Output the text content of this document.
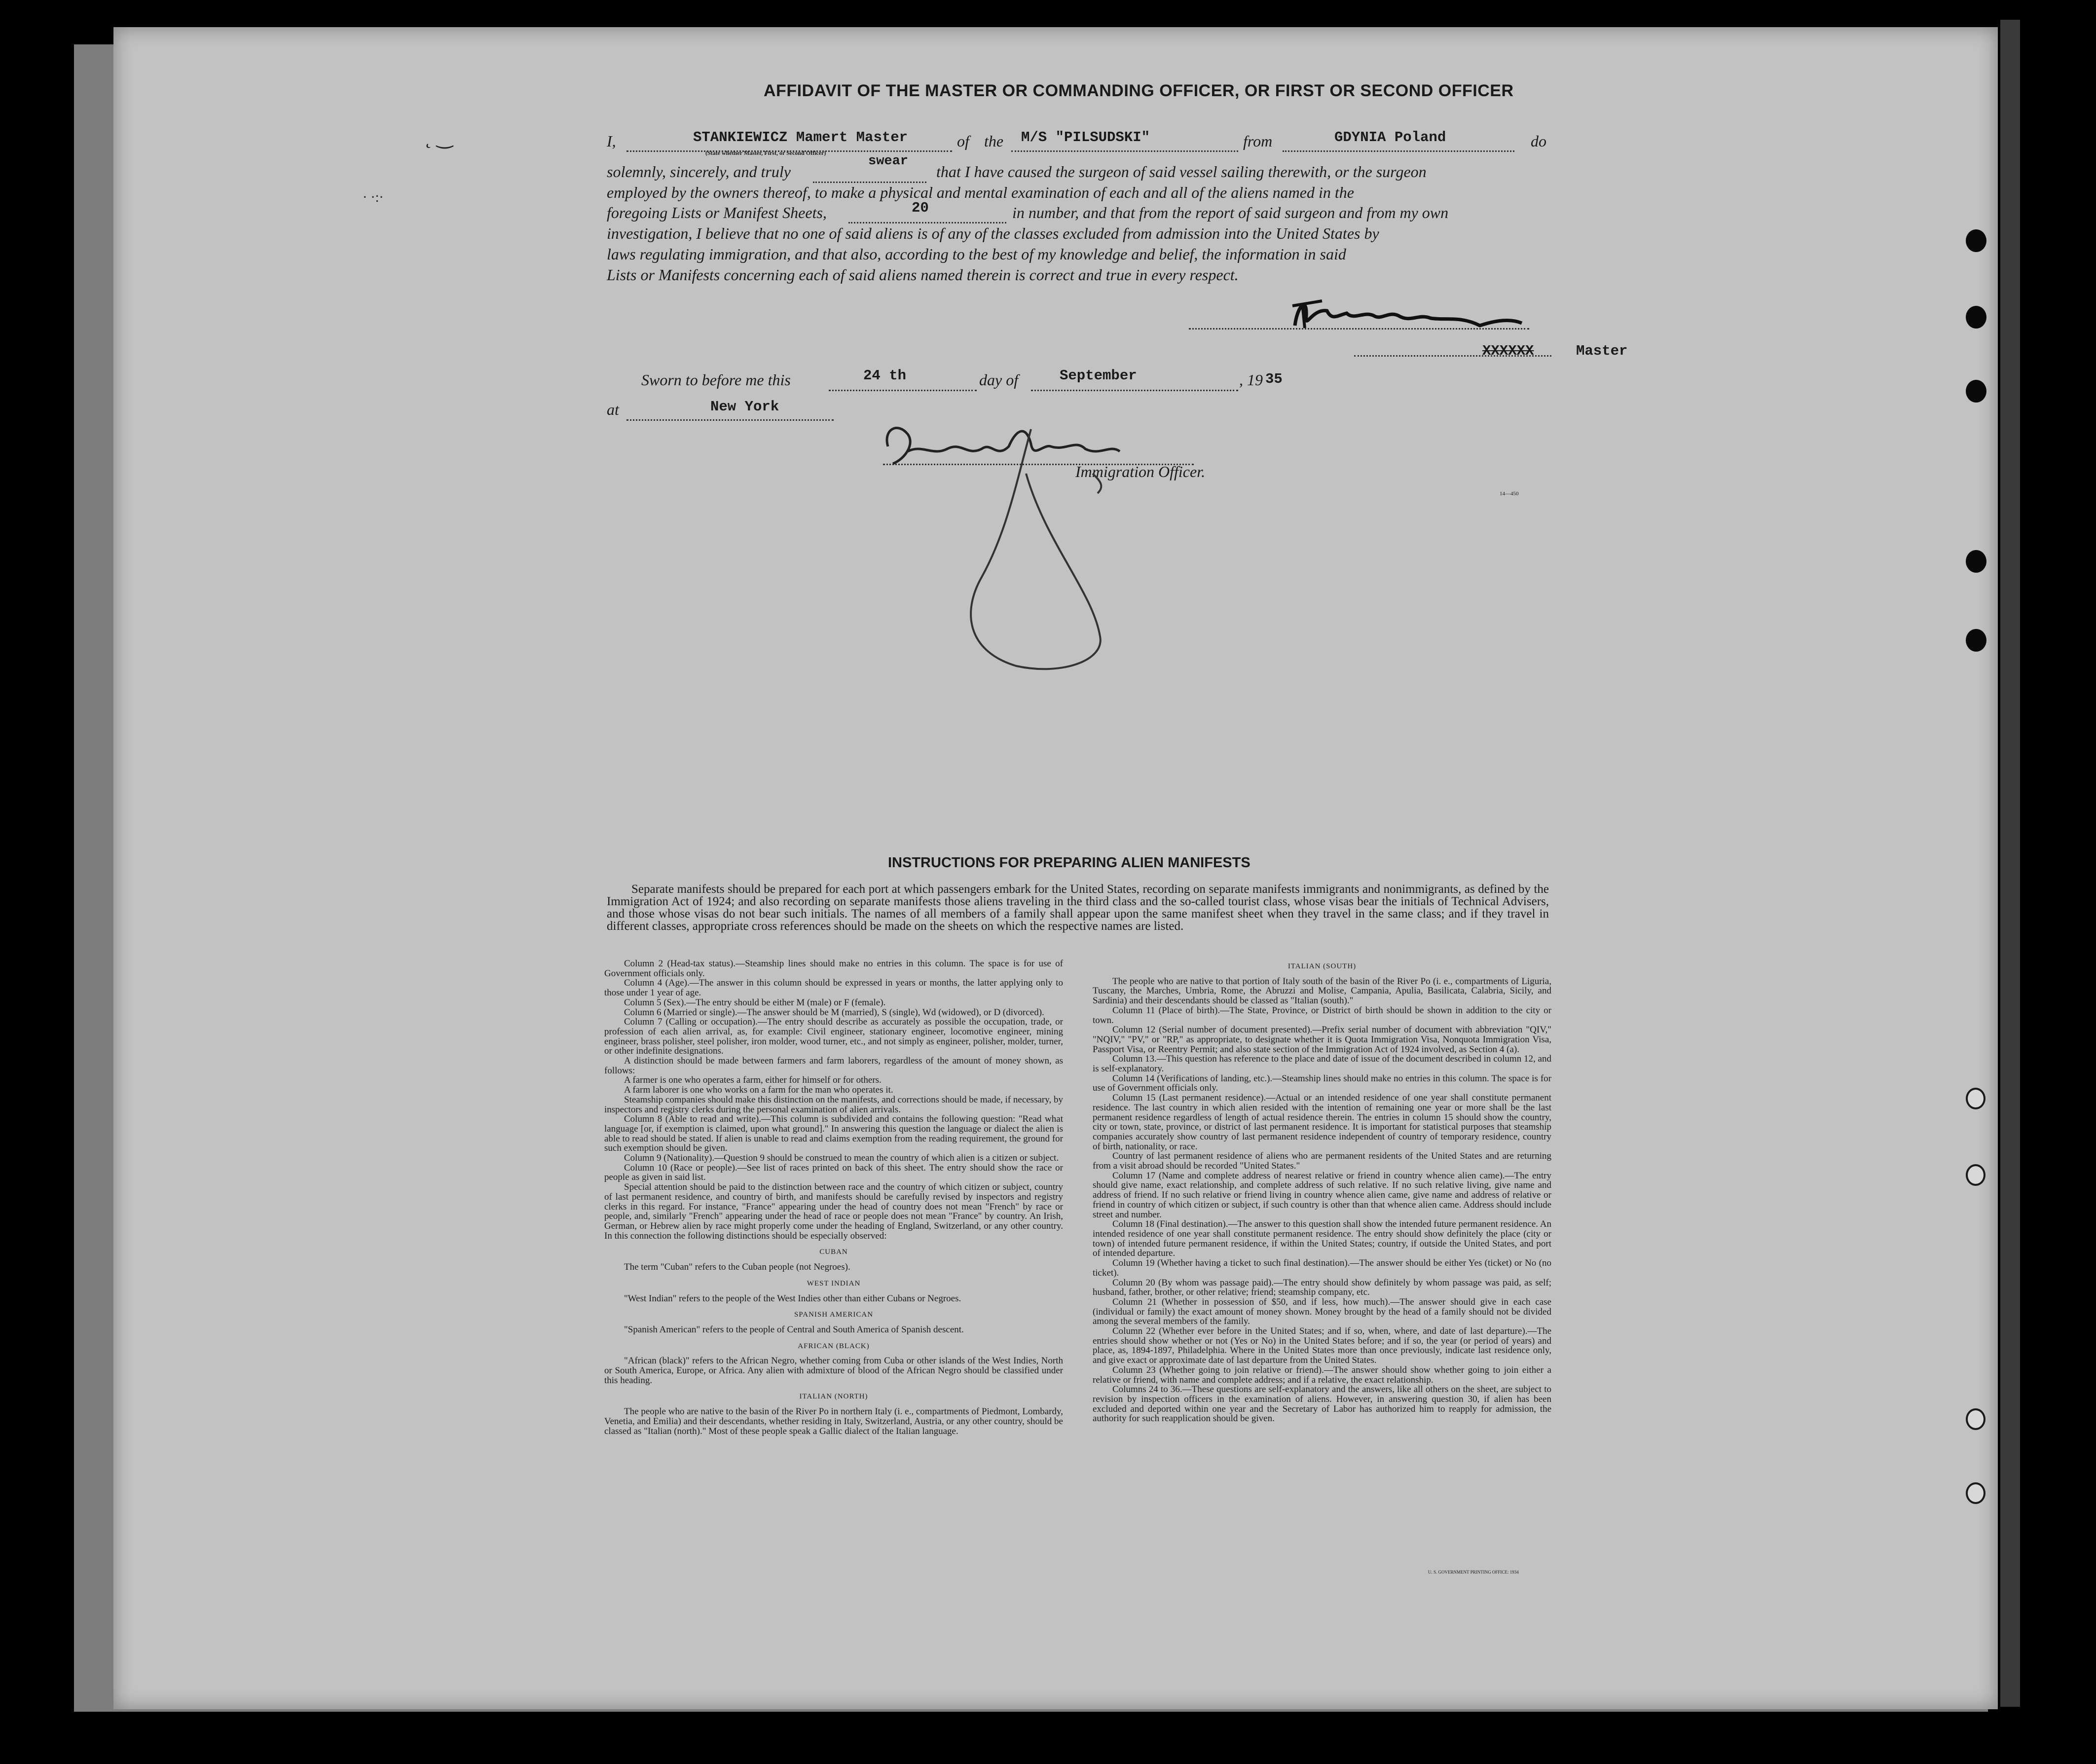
˛ ‿
· ·:·
AFFIDAVIT OF THE MASTER OR COMMANDING OFFICER, OR FIRST OR SECOND OFFICER
I,	STANKIEWICZ Mamert Master
(State whether Master, First, or Second Officer)
of the M/S "PILSUDSKI"	from	GDYNIA Poland	do
solemnly, sincerely, and truly
swear
that I have caused the surgeon of said vessel sailing therewith, or the surgeon
employed by the owners thereof, to make a physical and mental examination of each and all of the aliens named in the
foregoing Lists or Manifest Sheets,	20	in number, and that from the report of said surgeon and from my own
investigation, I believe that no one of said aliens is of any of the classes excluded from admission into the United States by
laws regulating immigration, and that also, according to the best of my knowledge and belief, the information in said
Lists or Manifests concerning each of said aliens named therein is correct and true in every respect.
XXXXXX	Master
Sworn to before me this	24 th	day of	September	, 19 35
at	New York
Immigration Officer.
14—450
INSTRUCTIONS FOR PREPARING ALIEN MANIFESTS
Separate manifests should be prepared for each port at which passengers embark for the United States, recording on separate manifests immigrants and nonimmigrants, as defined by the Immigration Act of 1924; and also recording on separate manifests those aliens traveling in the third class and the so-called tourist class, whose visas bear the initials of Technical Advisers, and those whose visas do not bear such initials. The names of all members of a family shall appear upon the same manifest sheet when they travel in the same class; and if they travel in different classes, appropriate cross references should be made on the sheets on which the respective names are listed.

Column 2 (Head-tax status).—Steamship lines should make no entries in this column. The space is for use of Government officials only.

Column 4 (Age).—The answer in this column should be expressed in years or months, the latter applying only to those under 1 year of age.

Column 5 (Sex).—The entry should be either M (male) or F (female).

Column 6 (Married or single).—The answer should be M (married), S (single), Wd (widowed), or D (divorced).

Column 7 (Calling or occupation).—The entry should describe as accurately as possible the occupation, trade, or profession of each alien arrival, as, for example: Civil engineer, stationary engineer, locomotive engineer, mining engineer, brass polisher, steel polisher, iron molder, wood turner, etc., and not simply as engineer, polisher, molder, turner, or other indefinite designations.

A distinction should be made between farmers and farm laborers, regardless of the amount of money shown, as follows:

A farmer is one who operates a farm, either for himself or for others.

A farm laborer is one who works on a farm for the man who operates it.

Steamship companies should make this distinction on the manifests, and corrections should be made, if necessary, by inspectors and registry clerks during the personal examination of alien arrivals.

Column 8 (Able to read and write).—This column is subdivided and contains the following question: "Read what language [or, if exemption is claimed, upon what ground]." In answering this question the language or dialect the alien is able to read should be stated. If alien is unable to read and claims exemption from the reading requirement, the ground for such exemption should be given.

Column 9 (Nationality).—Question 9 should be construed to mean the country of which alien is a citizen or subject.

Column 10 (Race or people).—See list of races printed on back of this sheet. The entry should show the race or people as given in said list.

Special attention should be paid to the distinction between race and the country of which citizen or subject, country of last permanent residence, and country of birth, and manifests should be carefully revised by inspectors and registry clerks in this regard. For instance, "France" appearing under the head of country does not mean "French" by race or people, and, similarly "French" appearing under the head of race or people does not mean "France" by country. An Irish, German, or Hebrew alien by race might properly come under the heading of England, Switzerland, or any other country. In this connection the following distinctions should be especially observed:

CUBAN

The term "Cuban" refers to the Cuban people (not Negroes).

WEST INDIAN

"West Indian" refers to the people of the West Indies other than either Cubans or Negroes.

SPANISH AMERICAN

"Spanish American" refers to the people of Central and South America of Spanish descent.

AFRICAN (BLACK)

"African (black)" refers to the African Negro, whether coming from Cuba or other islands of the West Indies, North or South America, Europe, or Africa. Any alien with admixture of blood of the African Negro should be classified under this heading.

ITALIAN (NORTH)

The people who are native to the basin of the River Po in northern Italy (i. e., compartments of Piedmont, Lombardy, Venetia, and Emilia) and their descendants, whether residing in Italy, Switzerland, Austria, or any other country, should be classed as "Italian (north)." Most of these people speak a Gallic dialect of the Italian language.

ITALIAN (SOUTH)

The people who are native to that portion of Italy south of the basin of the River Po (i. e., compartments of Liguria, Tuscany, the Marches, Umbria, Rome, the Abruzzi and Molise, Campania, Apulia, Basilicata, Calabria, Sicily, and Sardinia) and their descendants should be classed as "Italian (south)."

Column 11 (Place of birth).—The State, Province, or District of birth should be shown in addition to the city or town.

Column 12 (Serial number of document presented).—Prefix serial number of document with abbreviation "QIV," "NQIV," "PV," or "RP," as appropriate, to designate whether it is Quota Immigration Visa, Nonquota Immigration Visa, Passport Visa, or Reentry Permit; and also state section of the Immigration Act of 1924 involved, as Section 4 (a).

Column 13.—This question has reference to the place and date of issue of the document described in column 12, and is self-explanatory.

Column 14 (Verifications of landing, etc.).—Steamship lines should make no entries in this column. The space is for use of Government officials only.

Column 15 (Last permanent residence).—Actual or an intended residence of one year shall constitute permanent residence. The last country in which alien resided with the intention of remaining one year or more shall be the last permanent residence regardless of length of actual residence therein. The entries in column 15 should show the country, city or town, state, province, or district of last permanent residence. It is important for statistical purposes that steamship companies accurately show country of last permanent residence independent of country of temporary residence, country of birth, nationality, or race.

Country of last permanent residence of aliens who are permanent residents of the United States and are returning from a visit abroad should be recorded "United States."

Column 17 (Name and complete address of nearest relative or friend in country whence alien came).—The entry should give name, exact relationship, and complete address of such relative. If no such relative living, give name and address of friend. If no such relative or friend living in country whence alien came, give name and address of relative or friend in country of which citizen or subject, if such country is other than that whence alien came. Address should include street and number.

Column 18 (Final destination).—The answer to this question shall show the intended future permanent residence. An intended residence of one year shall constitute permanent residence. The entry should show definitely the place (city or town) of intended future permanent residence, if within the United States; country, if outside the United States, and port of intended departure.

Column 19 (Whether having a ticket to such final destination).—The answer should be either Yes (ticket) or No (no ticket).

Column 20 (By whom was passage paid).—The entry should show definitely by whom passage was paid, as self; husband, father, brother, or other relative; friend; steamship company, etc.

Column 21 (Whether in possession of $50, and if less, how much).—The answer should give in each case (individual or family) the exact amount of money shown. Money brought by the head of a family should not be divided among the several members of the family.

Column 22 (Whether ever before in the United States; and if so, when, where, and date of last departure).—The entries should show whether or not (Yes or No) in the United States before; and if so, the year (or period of years) and place, as, 1894-1897, Philadelphia. Where in the United States more than once previously, indicate last residence only, and give exact or approximate date of last departure from the United States.

Column 23 (Whether going to join relative or friend).—The answer should show whether going to join either a relative or friend, with name and complete address; and if a relative, the exact relationship.

Columns 24 to 36.—These questions are self-explanatory and the answers, like all others on the sheet, are subject to revision by inspection officers in the examination of aliens. However, in answering question 30, if alien has been excluded and deported within one year and the Secretary of Labor has authorized him to reapply for admission, the authority for such reapplication should be given.

U. S. GOVERNMENT PRINTING OFFICE: 1934
